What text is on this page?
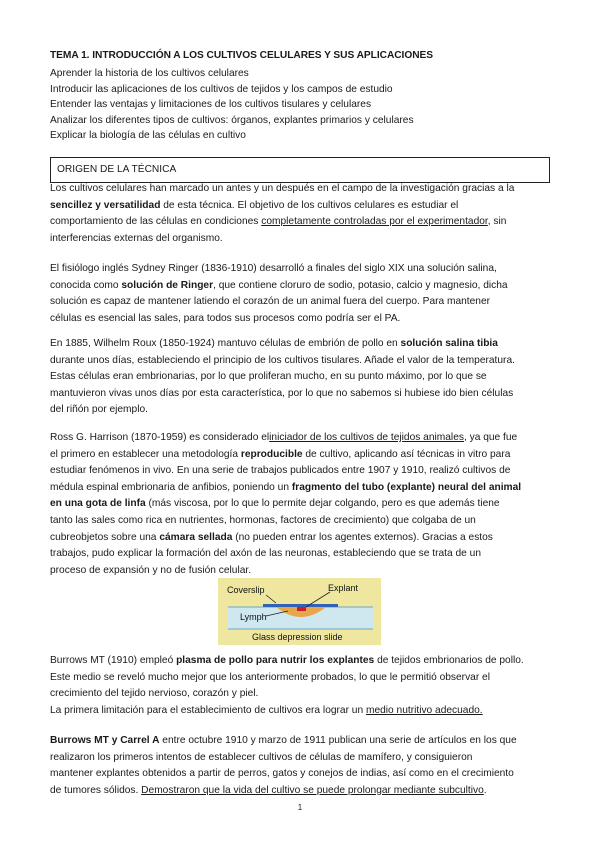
TEMA 1. INTRODUCCIÓN A LOS CULTIVOS CELULARES Y SUS APLICACIONES
Aprender la historia de los cultivos celulares
Introducir las aplicaciones de los cultivos de tejidos y los campos de estudio
Entender las ventajas y limitaciones de los cultivos tisulares y celulares
Analizar los diferentes tipos de cultivos: órganos, explantes primarios y celulares
Explicar la biología de las células en cultivo
ORIGEN DE LA TÉCNICA
Los cultivos celulares han marcado un antes y un después en el campo de la investigación gracias a la
sencillez y versatilidad de esta técnica. El objetivo de los cultivos celulares es estudiar el
comportamiento de las células en condiciones completamente controladas por el experimentador, sin
interferencias externas del organismo.
El fisiólogo inglés Sydney Ringer (1836-1910) desarrolló a finales del siglo XIX una solución salina,
conocida como solución de Ringer, que contiene cloruro de sodio, potasio, calcio y magnesio, dicha
solución es capaz de mantener latiendo el corazón de un animal fuera del cuerpo. Para mantener
células es esencial las sales, para todos sus procesos como podría ser el PA.
En 1885, Wilhelm Roux (1850-1924) mantuvo células de embrión de pollo en solución salina tibia
durante unos días, estableciendo el principio de los cultivos tisulares. Añade el valor de la temperatura.
Estas células eran embrionarias, por lo que proliferan mucho, en su punto máximo, por lo que se
mantuvieron vivas unos días por esta característica, por lo que no sabemos si hubiese ido bien células
del riñón por ejemplo.
Ross G. Harrison (1870-1959) es considerado eliniciador de los cultivos de tejidos animales, ya que fue
el primero en establecer una metodología reproducible de cultivo, aplicando así técnicas in vitro para
estudiar fenómenos in vivo. En una serie de trabajos publicados entre 1907 y 1910, realizó cultivos de
médula espinal embrionaria de anfibios, poniendo un fragmento del tubo (explante) neural del animal
en una gota de linfa (más viscosa, por lo que lo permite dejar colgando, pero es que además tiene
tanto las sales como rica en nutrientes, hormonas, factores de crecimiento) que colgaba de un
cubreobjetos sobre una cámara sellada (no pueden entrar los agentes externos). Gracias a estos
trabajos, pudo explicar la formación del axón de las neuronas, estableciendo que se trata de un
proceso de expansión y no de fusión celular.
Coverslip	Explant
Lymph
Glass depression slide
Burrows MT (1910) empleó plasma de pollo para nutrir los explantes de tejidos embrionarios de pollo.
Este medio se reveló mucho mejor que los anteriormente probados, lo que le permitió observar el
crecimiento del tejido nervioso, corazón y piel.
La primera limitación para el establecimiento de cultivos era lograr un medio nutritivo adecuado.
Burrows MT y Carrel A entre octubre 1910 y marzo de 1911 publican una serie de artículos en los que
realizaron los primeros intentos de establecer cultivos de células de mamífero, y consiguieron
mantener explantes obtenidos a partir de perros, gatos y conejos de indias, así como en el crecimiento
de tumores sólidos. Demostraron que la vida del cultivo se puede prolongar mediante subcultivo.
1
